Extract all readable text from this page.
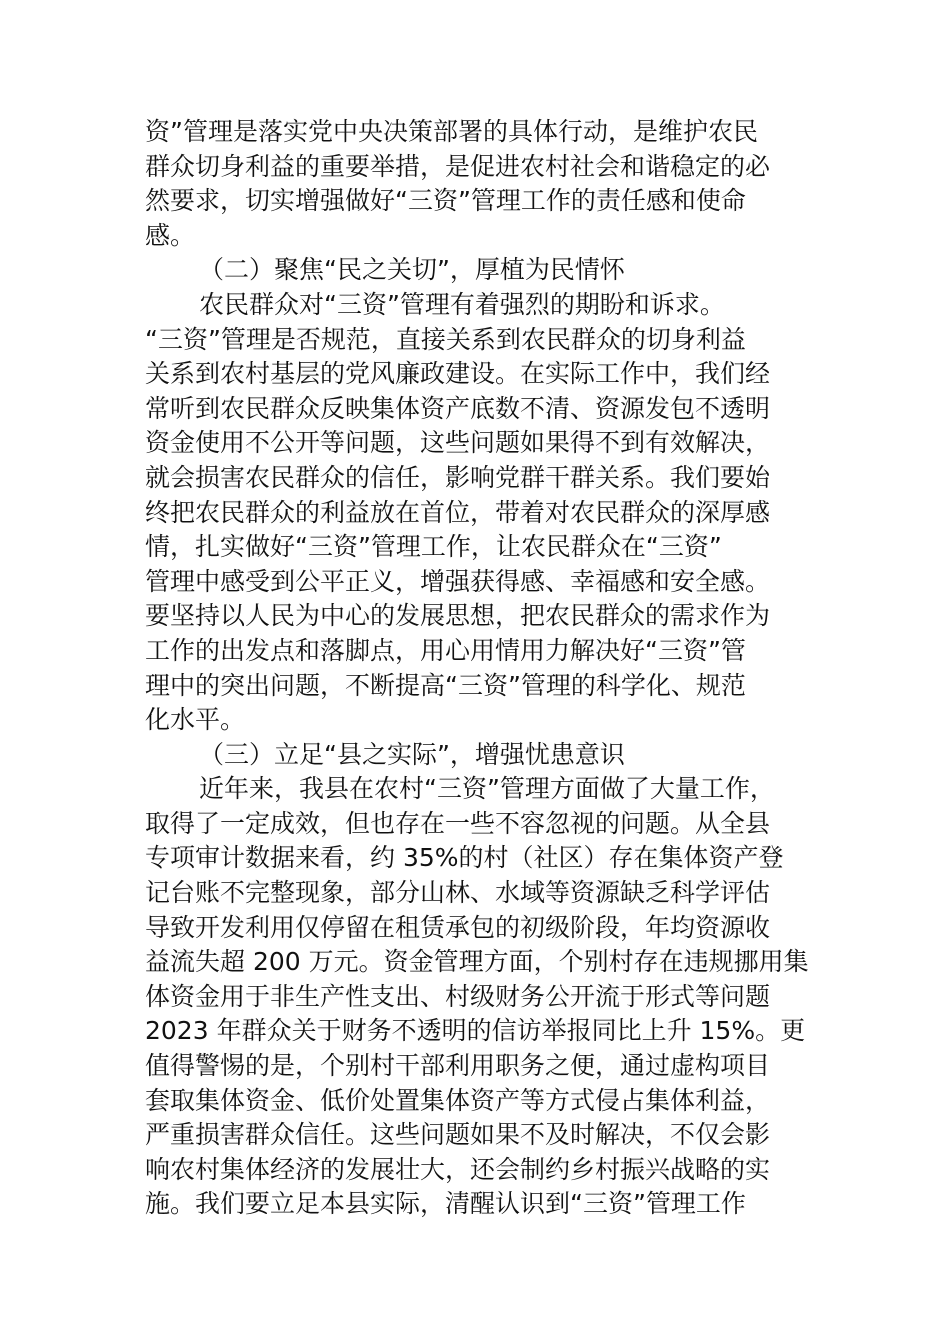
资”管理是落实党中央决策部署的具体行动，是维护农民
群众切身利益的重要举措，是促进农村社会和谐稳定的必
然要求，切实增强做好“三资”管理工作的责任感和使命
感。
（二）聚焦“民之关切”，厚植为民情怀
农民群众对“三资”管理有着强烈的期盼和诉求。
“三资”管理是否规范，直接关系到农民群众的切身利益
关系到农村基层的党风廉政建设。在实际工作中，我们经
常听到农民群众反映集体资产底数不清、资源发包不透明
资金使用不公开等问题，这些问题如果得不到有效解决，
就会损害农民群众的信任，影响党群干群关系。我们要始
终把农民群众的利益放在首位，带着对农民群众的深厚感
情，扎实做好“三资”管理工作，让农民群众在“三资”
管理中感受到公平正义，增强获得感、幸福感和安全感。
要坚持以人民为中心的发展思想，把农民群众的需求作为
工作的出发点和落脚点，用心用情用力解决好“三资”管
理中的突出问题，不断提高“三资”管理的科学化、规范
化水平。
（三）立足“县之实际”，增强忧患意识
近年来，我县在农村“三资”管理方面做了大量工作，
取得了一定成效，但也存在一些不容忽视的问题。从全县
专项审计数据来看，约 35%的村（社区）存在集体资产登
记台账不完整现象，部分山林、水域等资源缺乏科学评估
导致开发利用仅停留在租赁承包的初级阶段，年均资源收
益流失超 200 万元。资金管理方面，个别村存在违规挪用集
体资金用于非生产性支出、村级财务公开流于形式等问题
2023 年群众关于财务不透明的信访举报同比上升 15%。更
值得警惕的是，个别村干部利用职务之便，通过虚构项目
套取集体资金、低价处置集体资产等方式侵占集体利益，
严重损害群众信任。这些问题如果不及时解决，不仅会影
响农村集体经济的发展壮大，还会制约乡村振兴战略的实
施。我们要立足本县实际，清醒认识到“三资”管理工作
